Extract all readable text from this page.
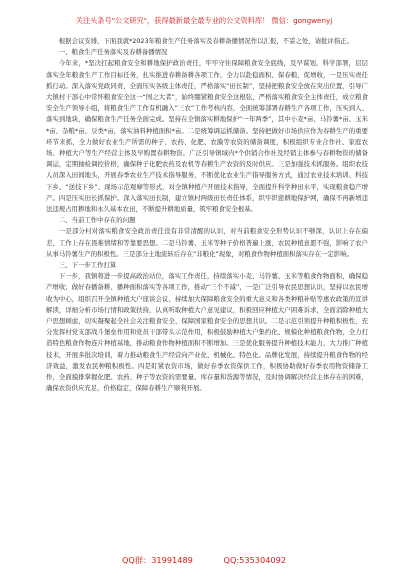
关注头条号"公文研究"，获得最新最全最专业的公文资料库！ 微信：gongwenyj

根据会议安排，下面我就*2023年粮食生产任务落实及春耕备播情况作以汇报，不妥之处，请批评指正。

一、粮食生产任务落实及春耕备播情况

今年来，*坚决扛起粮食安全和耕地保护政治责任，牢牢守住保障粮食安全底线，及早谋划，科学部署，层层落实全年粮食生产工作目标任务，扎实推进春耕备耕各项工作，全力以赴稳面积、保春粮、促增收，一是压实责任抓行动。深入落实党政同责，全面压实各级主体责任，严格落实“田长制”，坚持把粮食安全放在突出位置，引导广大镇村干部心中常怀粮食安全这一“国之大者”，始终绷紧粮食安全这根弦，严格落实粮食安全主体责任，成立粮食安全生产领导小组，将粮食生产工作有机融入“三农”工作考核内容，全面统筹部署春耕生产各项工作，压实到人、落实到地块，确保粮食生产任务全面完成。坚持在全镇落实耕地保护“一年两季”，其中小麦*亩、马铃薯*亩、玉米*亩、杂粮*亩、豆类*亩，落实油料种植面积*亩。二是统筹调运抓储备。坚持把做好市场供应作为春耕生产的重要环节来抓，全力做好农业生产所需的种子、农药、化肥、农膜等农资的储备调度，积极组织专业合作社、家庭农场、种植大户等生产经营主体及早购置春耕物资。广泛引导镇域内*个供销合作社及经销主体参与春耕物资的储备调运，定期抽检调控价格，确保种子化肥农药及农机等春耕生产农资的及时供应。三是加强技术抓服务。组织农技人员深入田间地头，开展春季农业生产技术指导服务，不断优化农业生产指导服务方式，通过农业技术培训、科技下乡、“送技下乡”、现场示范观摩等形式，对全镇种植户开展技术指导，全面提升科学种田水平，实现粮食稳产增产。四是压实田长抓保护。深入落实田长制，建立镇村两级田长责任体系，织牢织密耕地保护网，确保不再新增违法违规占用耕地和永久基本农田，不断提升耕地质量，筑牢粮食安全根基。

二、当前工作中存在的问题

一是部分村对落实粮食安全政治责任没有非常清醒的认识，对当前粮食安全形势认识不够深，认识上存在偏差，工作上存在畏难情绪和等靠要思想。二是马铃薯、玉米等种子价格普遍上涨，农民种植意愿不强，影响了农户从事马铃薯生产的积极性。三是部分土地流转后存在“非粮化”现象，对粮食作物种植面积落实存在一定影响。

三、下一步工作打算

下一步，我镇将进一步提高政治站位，落实工作责任，持续落实小麦、马铃薯、玉米等粮食作物面积，确保稳产增收；做好春播备耕、播种面积落实等各项工作，推动“三个不减”，一是广泛引导农民思想认识，坚持以农民增收为中心，组织召开全镇种植大户座谈会议，持续加大保障粮食安全的重大意义和各类种粮补贴等惠农政策的宣讲解读，详细分析市场行情和政策扶持，认真听取种植大户意见建议，积极回应种植大户困难诉求，全面消除种植大户思想顾虑，切实凝聚起全社会关注粮食安全、保障国家粮食安全的思想共识。二是示范引领提升种粮积极性，充分发挥村党支部战斗堡垒作用和党员干部带头示范作用，积极鼓励种植大户集约化、规模化种植粮食作物，全力打造特色粮食作物连片种植基地，推动粮食作物种植面积不断增加。三是优化服务提升种植技术能力，大力推广种植技术，开展多批次培训，着力推动粮食生产经营向产业化、机械化、特色化、品牌化发展，持续提升粮食作物的经济效益，激发农民种粮积极性。四是盯紧农资市场，做好春季农资保供工作，积极协助做好春季农用物资储备工作，全面摸排掌握化肥、农药、种子等农资的需要量、库存量和货源等情况，及时协调解决经营主体存在的困难，确保农资供应充足，价格稳定，保障春耕生产顺利开展。

QQ群：31991489	QQ:535304092
